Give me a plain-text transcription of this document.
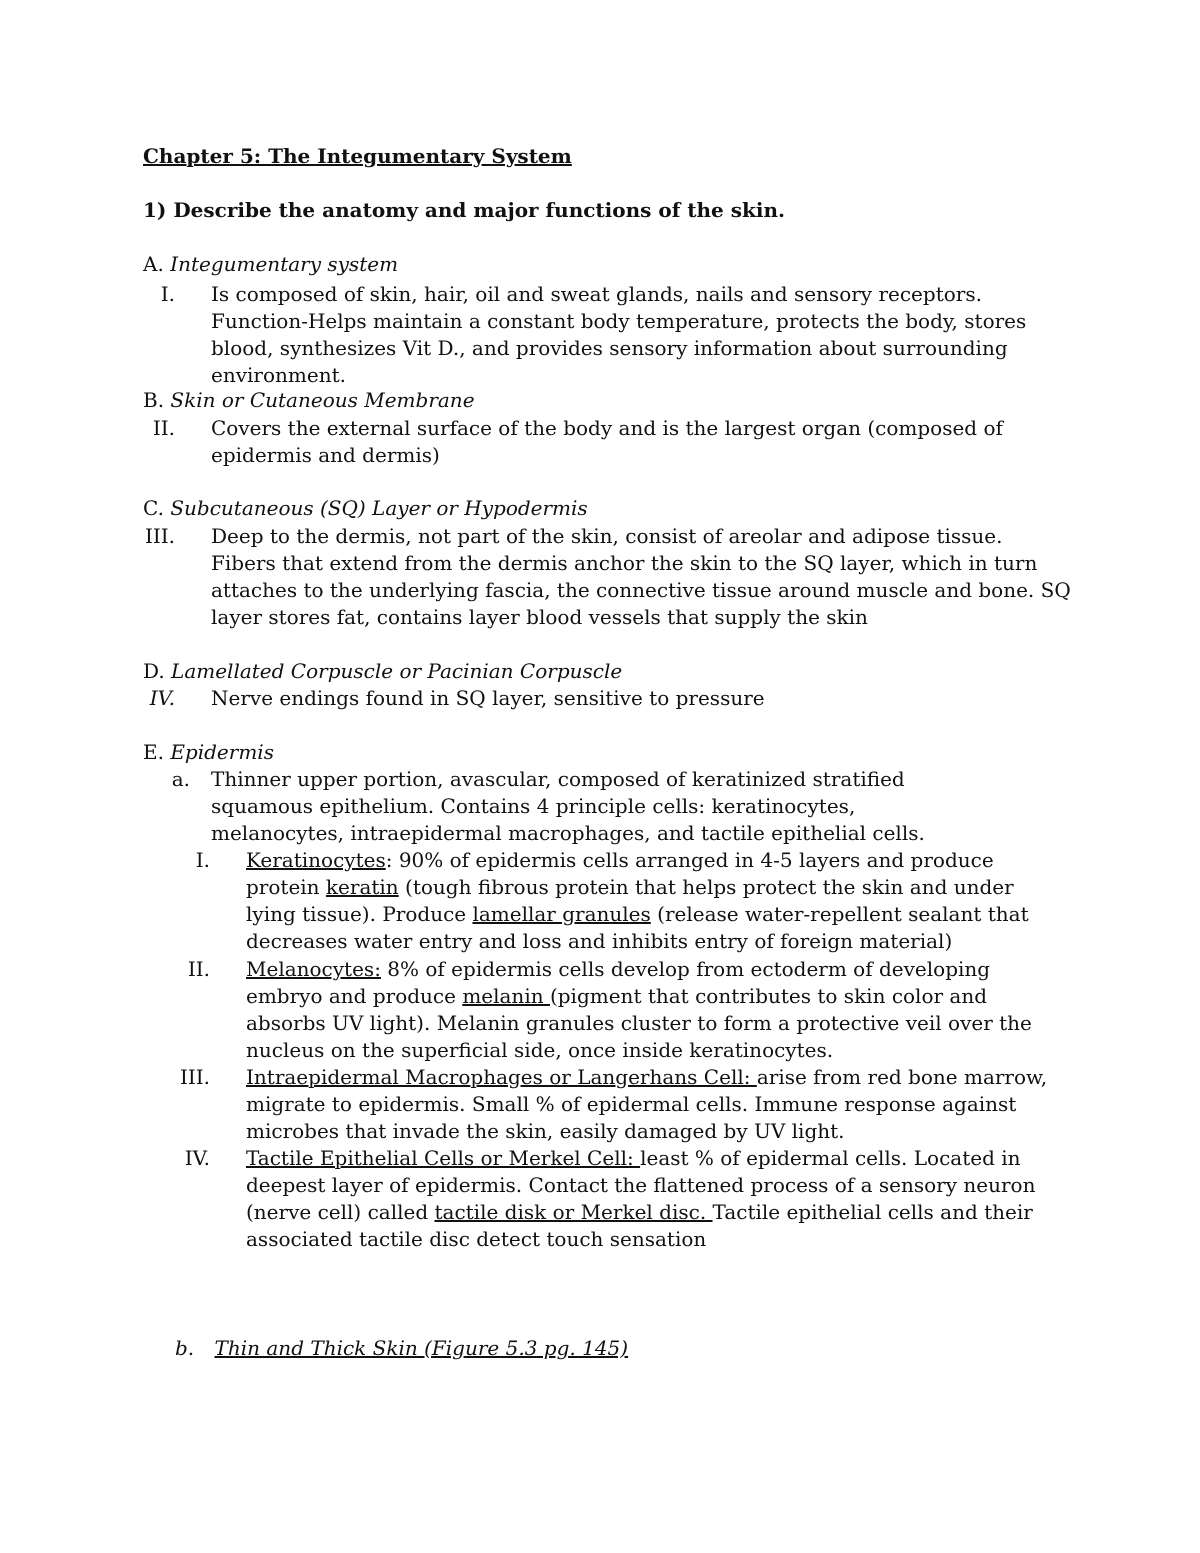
Chapter 5: The Integumentary System
1) Describe the anatomy and major functions of the skin.
A. Integumentary system
I. Is composed of skin, hair, oil and sweat glands, nails and sensory receptors. Function-Helps maintain a constant body temperature, protects the body, stores blood, synthesizes Vit D., and provides sensory information about surrounding environment.
B. Skin or Cutaneous Membrane
II. Covers the external surface of the body and is the largest organ (composed of epidermis and dermis)
C. Subcutaneous (SQ) Layer or Hypodermis
III. Deep to the dermis, not part of the skin, consist of areolar and adipose tissue. Fibers that extend from the dermis anchor the skin to the SQ layer, which in turn attaches to the underlying fascia, the connective tissue around muscle and bone. SQ layer stores fat, contains layer blood vessels that supply the skin
D. Lamellated Corpuscle or Pacinian Corpuscle
IV. Nerve endings found in SQ layer, sensitive to pressure
E. Epidermis
a. Thinner upper portion, avascular, composed of keratinized stratified squamous epithelium. Contains 4 principle cells: keratinocytes, melanocytes, intraepidermal macrophages, and tactile epithelial cells.
I. Keratinocytes: 90% of epidermis cells arranged in 4-5 layers and produce protein keratin (tough fibrous protein that helps protect the skin and under lying tissue). Produce lamellar granules (release water-repellent sealant that decreases water entry and loss and inhibits entry of foreign material)
II. Melanocytes: 8% of epidermis cells develop from ectoderm of developing embryo and produce melanin (pigment that contributes to skin color and absorbs UV light). Melanin granules cluster to form a protective veil over the nucleus on the superficial side, once inside keratinocytes.
III. Intraepidermal Macrophages or Langerhans Cell: arise from red bone marrow, migrate to epidermis. Small % of epidermal cells. Immune response against microbes that invade the skin, easily damaged by UV light.
IV. Tactile Epithelial Cells or Merkel Cell: least % of epidermal cells. Located in deepest layer of epidermis. Contact the flattened process of a sensory neuron (nerve cell) called tactile disk or Merkel disc. Tactile epithelial cells and their associated tactile disc detect touch sensation
b. Thin and Thick Skin (Figure 5.3 pg. 145)
